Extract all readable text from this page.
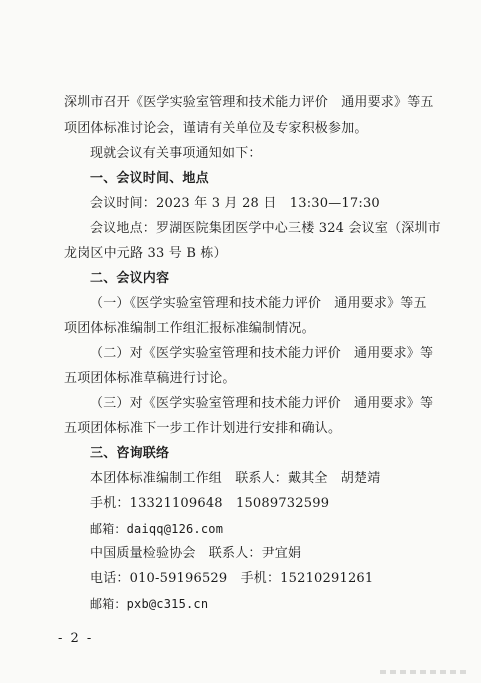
深圳市召开《医学实验室管理和技术能力评价　通用要求》等五
项团体标准讨论会，谨请有关单位及专家积极参加。
现就会议有关事项通知如下：
一、会议时间、地点
会议时间：2023 年 3 月 28 日　13:30—17:30
会议地点：罗湖医院集团医学中心三楼 324 会议室（深圳市
龙岗区中元路 33 号 B 栋）
二、会议内容
（一）《医学实验室管理和技术能力评价　通用要求》等五
项团体标准编制工作组汇报标准编制情况。
（二）对《医学实验室管理和技术能力评价　通用要求》等
五项团体标准草稿进行讨论。
（三）对《医学实验室管理和技术能力评价　通用要求》等
五项团体标准下一步工作计划进行安排和确认。
三、咨询联络
本团体标准编制工作组　联系人：戴其全　胡楚靖
手机：13321109648　15089732599
邮箱：daiqq@126.com
中国质量检验协会　联系人：尹宜娟
电话：010-59196529　手机：15210291261
邮箱：pxb@c315.cn
- 2 -
